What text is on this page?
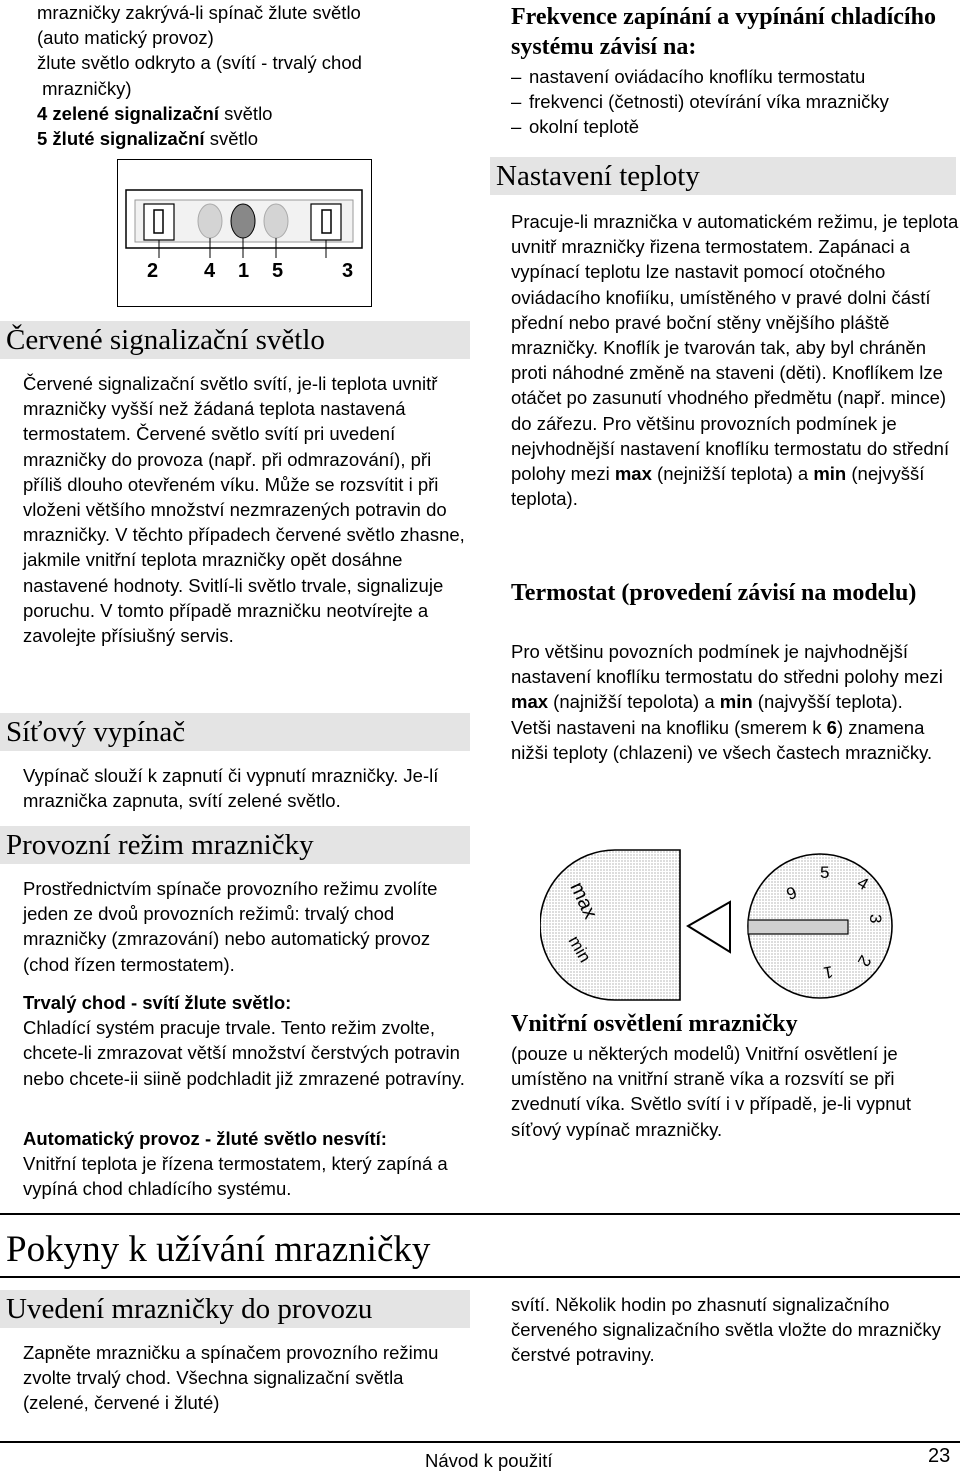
mrazničky zakrývá-li spínač žlute světlo

(auto matický provoz)

žlute světlo odkryto a (svítí - trvalý chod

mrazničky)

4 zelené signalizační světlo

5 žluté signalizační světlo

2 4 1 5	3
Červené signalizační světlo
Červené signalizační světlo svítí, je-li teplota uvnitř mrazničky vyšší než žádaná teplota nastavená termostatem. Červené světlo svítí pri uvedení mrazničky do provoza (např. při odmrazování), při příliš dlouho otevřeném víku. Může se rozsvítit i při vloženi většího množství nezmrazených potravin do mrazničky. V těchto případech červené světlo zhasne, jakmile vnitřní teplota mrazničky opět dosáhne nastavené hodnoty. Svitlí-li světlo trvale, signalizuje poruchu. V tomto případě mrazničku neotvírejte a zavolejte přísiušný servis.
Síťový vypínač
Vypínač slouží k zapnutí či vypnutí mrazničky. Je-lí mraznička zapnuta, svítí zelené světlo.
Provozní režim mrazničky
Prostřednictvím spínače provozního režimu zvolíte jeden ze dvoů provozních režimů: trvalý chod mrazničky (zmrazování) nebo automatický provoz (chod řízen termostatem).

Trvalý chod - svítí žlute světlo:

Chladící systém pracuje trvale. Tento režim zvolte, chcete-li zmrazovat větší množství čerstvých potravin nebo chcete-ii siině podchladit již zmrazené potravíny.

Automatický provoz - žluté světlo nesvítí:

Vnitřní teplota je řízena termostatem, který zapíná a vypíná chod chladícího systému.

Frekvence zapínání a vypínání chladícího systému závisí na:
– nastavení oviádacího knoflíku termostatu
– frekvenci (četnosti) otevírání víka mrazničky
– okolní teplotě
Nastavení teploty
Pracuje-li mraznička v automatickém režimu, je teplota uvnitř mrazničky řizena termostatem. Zapánaci a vypínací teplotu lze nastavit pomocí otočného oviádacího knofiíku, umístěného v pravé dolni částí přední nebo pravé boční stěny vnějšího pláště mrazničky. Knoflík je tvarován tak, aby byl chráněn proti náhodné změně na staveni (děti). Knoflíkem lze otáčet po zasunutí vhodného předmětu (např. mince) do zářezu. Pro většinu provozních podmínek je nejvhodnější nastavení knoflíku termostatu do střední polohy mezi max (nejnižší teplota) a min (nejvyšší teplota).
Termostat (provedení závisí na modelu)
Pro většinu povozních podmínek je najvhodnější nastavení knoflíku termostatu do středni polohy mezi max (najnižší tepolota) a min (najvyšší teplota).
Vetši nastaveni na knofliku (smerem k 6) znamena nižši teploty (chlazeni) ve všech častech mrazničky.
max
min
6
5
4
3
2
1
Vnitřní osvětlení mrazničky
(pouze u některých modelů) Vnitřní osvětlení je umístěno na vnitřní straně víka a rozsvítí se při zvednutí víka. Světlo svítí i v případě, je-li vypnut síťový vypínač mrazničky.
Pokyny k užívání mrazničky
Uvedení mrazničky do provozu
Zapněte mrazničku a spínačem provozního režimu zvolte trvalý chod. Všechna signalizační světla (zelené, červené i žluté)
svítí. Několik hodin po zhasnutí signalizačního červeného signalizačního světla vložte do mrazničky čerstvé potraviny.
Návod k použití	23
